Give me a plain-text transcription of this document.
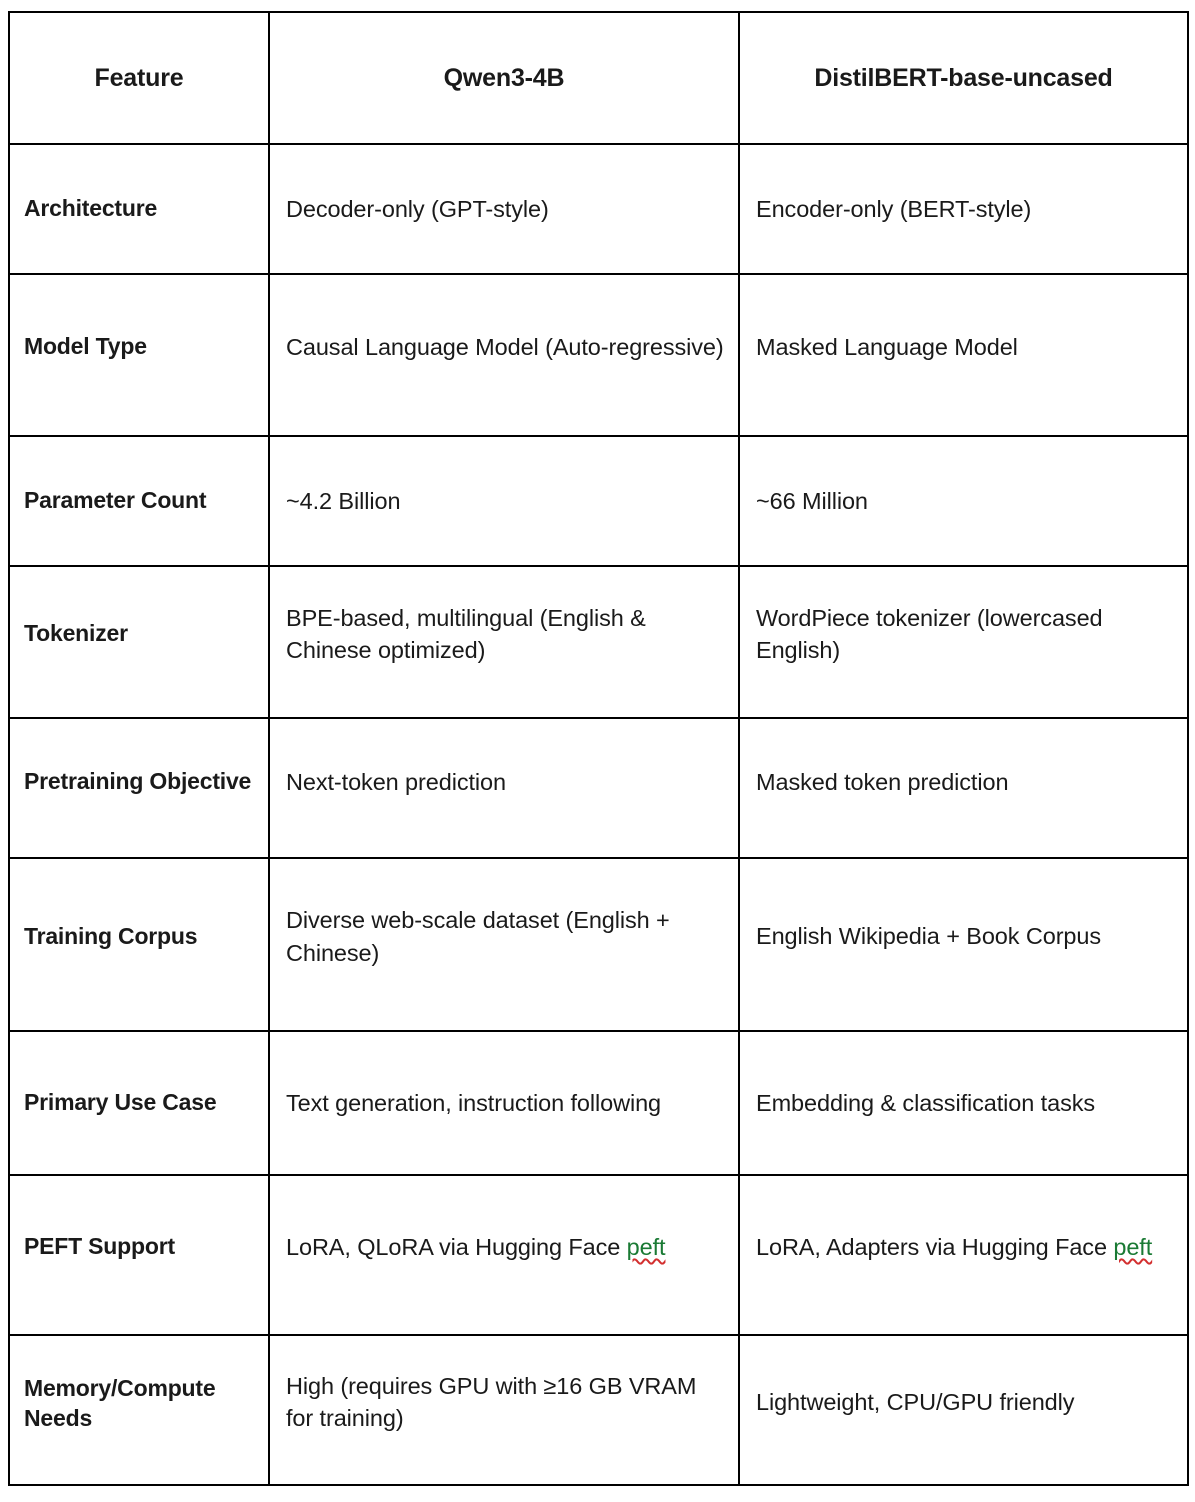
Feature	Qwen3-4B	DistilBERT-base-uncased

Architecture	Decoder-only (GPT-style)	Encoder-only (BERT-style)

Model Type	Causal Language Model (Auto-regressive)	Masked Language Model

Parameter Count	~4.2 Billion	~66 Million

Tokenizer	BPE-based, multilingual (English & Chinese optimized)	WordPiece tokenizer (lowercased English)

Pretraining Objective	Next-token prediction	Masked token prediction

Training Corpus	Diverse web-scale dataset (English + Chinese)	English Wikipedia + Book Corpus

Primary Use Case	Text generation, instruction following	Embedding & classification tasks

PEFT Support	LoRA, QLoRA via Hugging Face peft	LoRA, Adapters via Hugging Face peft

Memory/Compute Needs	High (requires GPU with ≥16 GB VRAM for training)	Lightweight, CPU/GPU friendly
